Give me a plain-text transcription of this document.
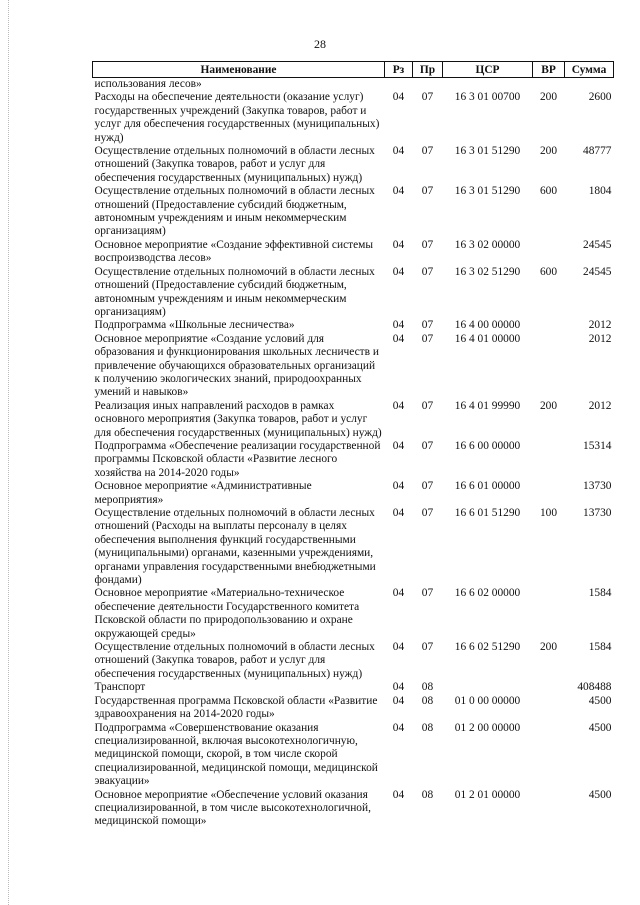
28
Наименование	Рз	Пр	ЦСР	ВР	Сумма
использования лесов»					
Расходы на обеспечение деятельности (оказание услуг) государственных учреждений (Закупка товаров, работ и услуг для обеспечения государственных (муниципальных) нужд)	04	07	16 3 01 00700	200	2600
Осуществление отдельных полномочий в области лесных отношений (Закупка товаров, работ и услуг для обеспечения государственных (муниципальных) нужд)	04	07	16 3 01 51290	200	48777
Осуществление отдельных полномочий в области лесных отношений (Предоставление субсидий бюджетным, автономным учреждениям и иным некоммерческим организациям)	04	07	16 3 01 51290	600	1804
Основное мероприятие «Создание эффективной системы воспроизводства лесов»	04	07	16 3 02 00000		24545
Осуществление отдельных полномочий в области лесных отношений (Предоставление субсидий бюджетным, автономным учреждениям и иным некоммерческим организациям)	04	07	16 3 02 51290	600	24545
Подпрограмма «Школьные лесничества»	04	07	16 4 00 00000		2012
Основное мероприятие «Создание условий для образования и функционирования школьных лесничеств и привлечение обучающихся образовательных организаций к получению экологических знаний, природоохранных умений и навыков»	04	07	16 4 01 00000		2012
Реализация иных направлений расходов в рамках основного мероприятия (Закупка товаров, работ и услуг для обеспечения государственных (муниципальных) нужд)	04	07	16 4 01 99990	200	2012
Подпрограмма «Обеспечение реализации государственной программы Псковской области «Развитие лесного хозяйства на 2014-2020 годы»	04	07	16 6 00 00000		15314
Основное мероприятие «Административные мероприятия»	04	07	16 6 01 00000		13730
Осуществление отдельных полномочий в области лесных отношений (Расходы на выплаты персоналу в целях обеспечения выполнения функций государственными (муниципальными) органами, казенными учреждениями, органами управления государственными внебюджетными фондами)	04	07	16 6 01 51290	100	13730
Основное мероприятие «Материально-техническое обеспечение деятельности Государственного комитета Псковской области по природопользованию и охране окружающей среды»	04	07	16 6 02 00000		1584
Осуществление отдельных полномочий в области лесных отношений (Закупка товаров, работ и услуг для обеспечения государственных (муниципальных) нужд)	04	07	16 6 02 51290	200	1584
Транспорт	04	08			408488
Государственная программа Псковской области «Развитие здравоохранения на 2014-2020 годы»	04	08	01 0 00 00000		4500
Подпрограмма «Совершенствование оказания специализированной, включая высокотехнологичную, медицинской помощи, скорой, в том числе скорой специализированной, медицинской помощи, медицинской эвакуации»	04	08	01 2 00 00000		4500
Основное мероприятие «Обеспечение условий оказания специализированной, в том числе высокотехнологичной, медицинской помощи»	04	08	01 2 01 00000		4500
